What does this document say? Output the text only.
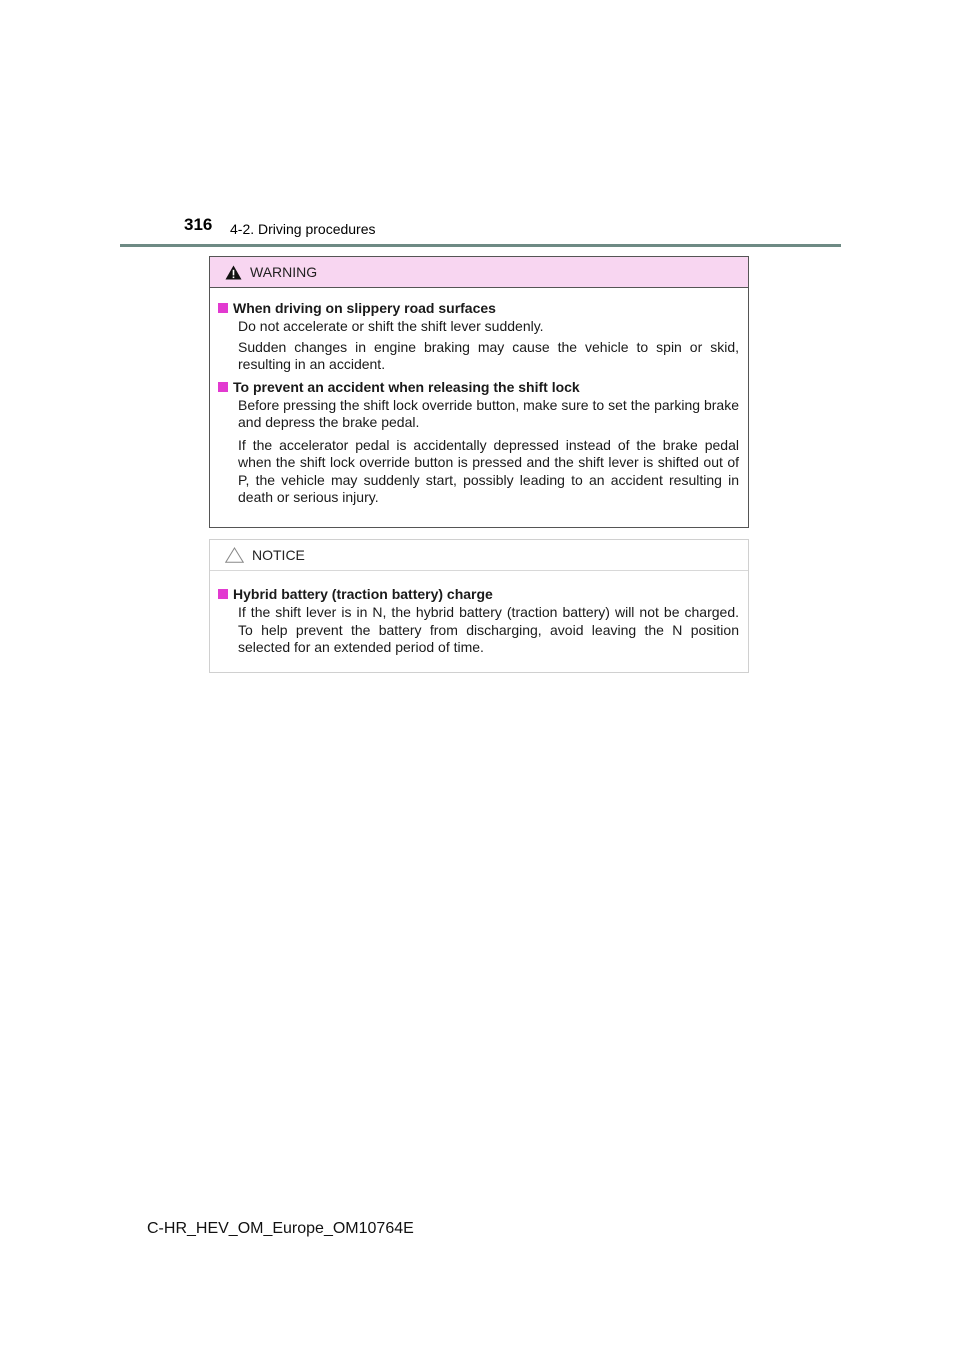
316 4-2. Driving procedures
WARNING

When driving on slippery road surfaces

Do not accelerate or shift the shift lever suddenly.

Sudden changes in engine braking may cause the vehicle to spin or skid, resulting in an accident.

To prevent an accident when releasing the shift lock

Before pressing the shift lock override button, make sure to set the parking brake and depress the brake pedal.

If the accelerator pedal is accidentally depressed instead of the brake pedal when the shift lock override button is pressed and the shift lever is shifted out of P, the vehicle may suddenly start, possibly leading to an accident resulting in death or serious injury.

NOTICE

Hybrid battery (traction battery) charge

If the shift lever is in N, the hybrid battery (traction battery) will not be charged. To help prevent the battery from discharging, avoid leaving the N position selected for an extended period of time.

C-HR_HEV_OM_Europe_OM10764E
